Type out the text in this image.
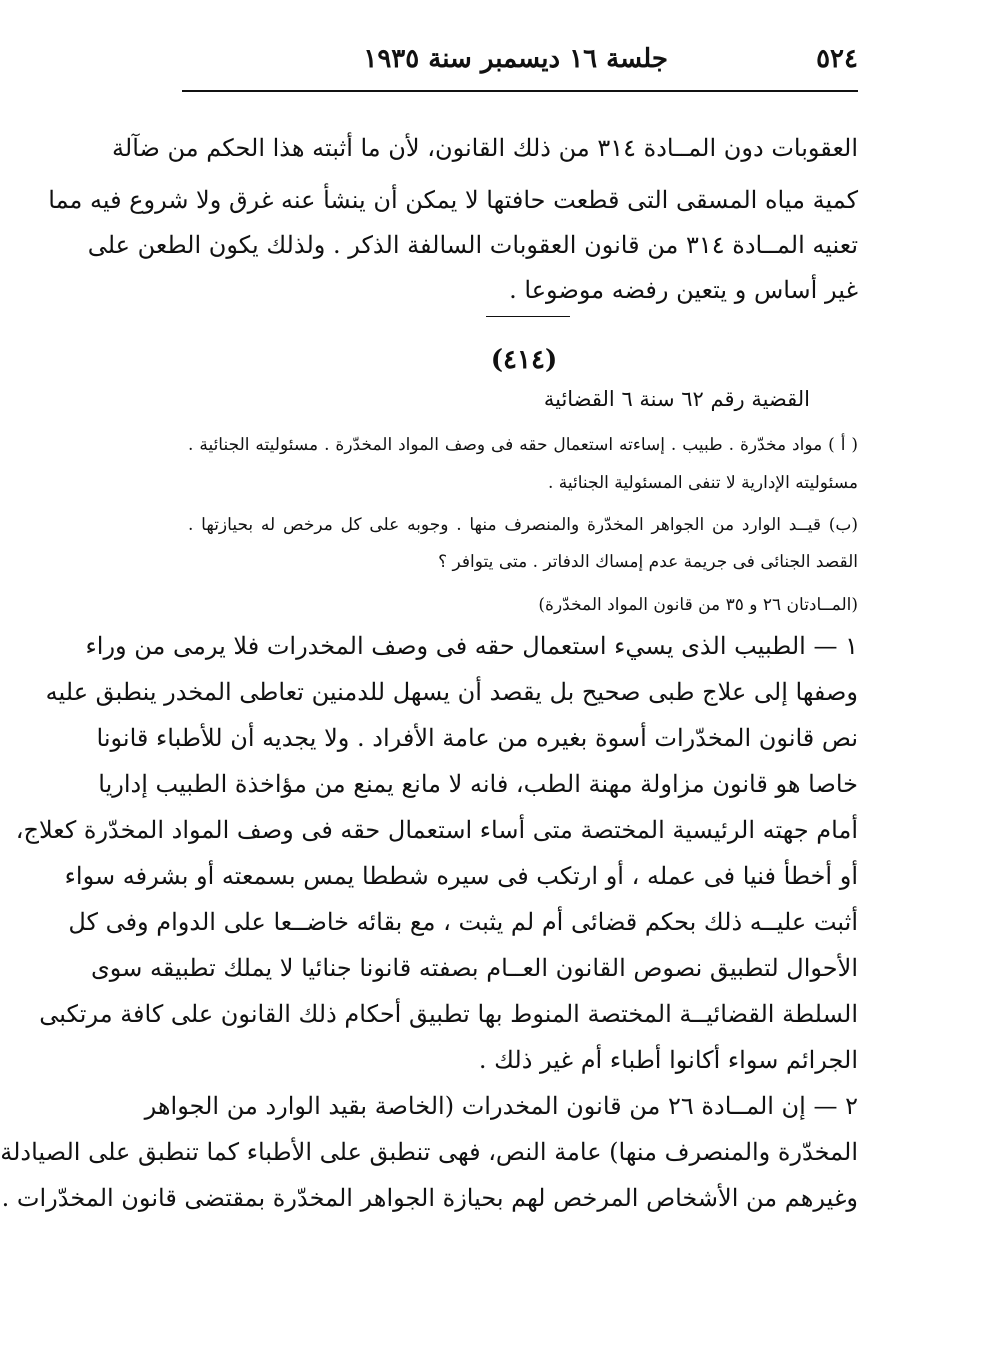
٥٢٤
جلسة ١٦ ديسمبر سنة ١٩٣٥
العقوبات دون المــادة ٣١٤ من ذلك القانون، لأن ما أثبته هذا الحكم من ضآلة
كمية مياه المسقى التى قطعت حافتها لا يمكن أن ينشأ عنه غرق ولا شروع فيه مما
تعنيه المــادة ٣١٤ من قانون العقوبات السالفة الذكر . ولذلك يكون الطعن على
غير أساس و يتعين رفضه موضوعا .
(٤١٤)
القضية رقم ٦٢ سنة ٦ القضائية
( أ ) مواد مخدّرة . طبيب . إساءته استعمال حقه فى وصف المواد المخدّرة . مسئوليته الجنائية .
مسئوليته الإدارية لا تنفى المسئولية الجنائية .
(ب) قيــد الوارد من الجواهر المخدّرة والمنصرف منها . وجوبه على كل مرخص له بحيازتها .
القصد الجنائى فى جريمة عدم إمساك الدفاتر . متى يتوافر ؟
(المــادتان ٢٦ و ٣٥ من قانون المواد المخدّرة)
١ — الطبيب الذى يسيء استعمال حقه فى وصف المخدرات فلا يرمى من وراء
وصفها إلى علاج طبى صحيح بل يقصد أن يسهل للدمنين تعاطى المخدر ينطبق عليه
نص قانون المخدّرات أسوة بغيره من عامة الأفراد . ولا يجديه أن للأطباء قانونا
خاصا هو قانون مزاولة مهنة الطب، فانه لا مانع يمنع من مؤاخذة الطبيب إداريا
أمام جهته الرئيسية المختصة متى أساء استعمال حقه فى وصف المواد المخدّرة كعلاج،
أو أخطأ فنيا فى عمله ، أو ارتكب فى سيره شططا يمس بسمعته أو بشرفه سواء
أثبت عليــه ذلك بحكم قضائى أم لم يثبت ، مع بقائه خاضــعا على الدوام وفى كل
الأحوال لتطبيق نصوص القانون العــام بصفته قانونا جنائيا لا يملك تطبيقه سوى
السلطة القضائيــة المختصة المنوط بها تطبيق أحكام ذلك القانون على كافة مرتكبى
الجرائم سواء أكانوا أطباء أم غير ذلك .
٢ — إن المــادة ٢٦ من قانون المخدرات (الخاصة بقيد الوارد من الجواهر
المخدّرة والمنصرف منها) عامة النص، فهى تنطبق على الأطباء كما تنطبق على الصيادلة
وغيرهم من الأشخاص المرخص لهم بحيازة الجواهر المخدّرة بمقتضى قانون المخدّرات .
